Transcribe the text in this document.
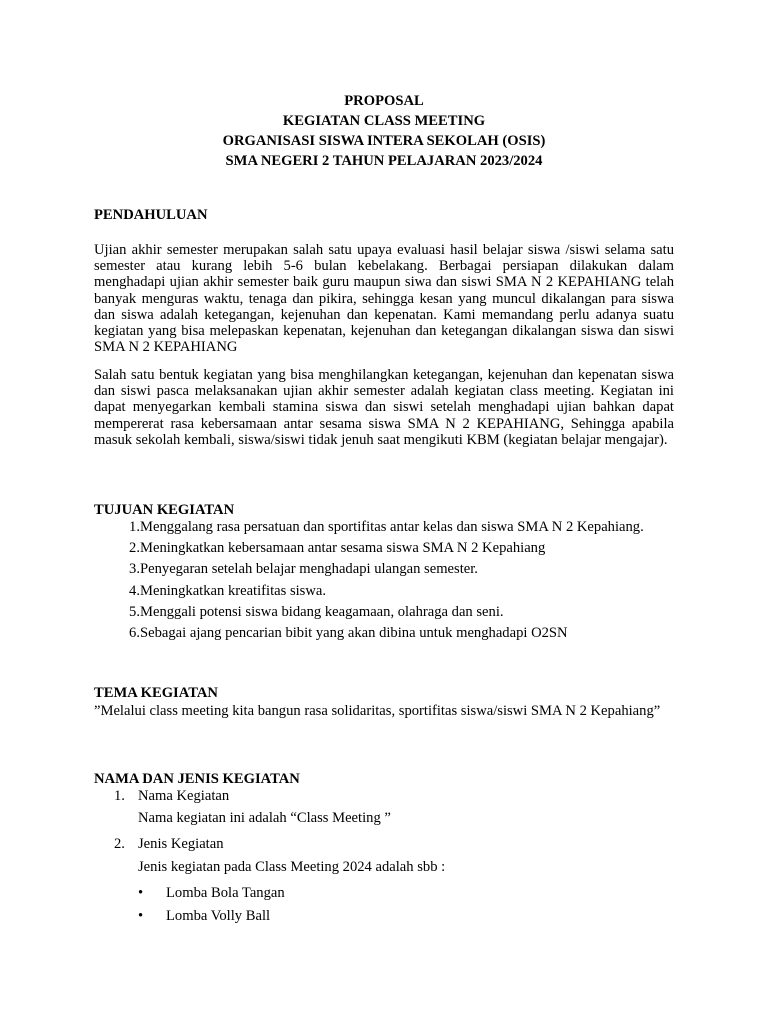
PROPOSAL
KEGIATAN CLASS MEETING
ORGANISASI SISWA INTERA SEKOLAH (OSIS)
SMA NEGERI 2 TAHUN PELAJARAN 2023/2024
PENDAHULUAN

Ujian akhir semester merupakan salah satu upaya evaluasi hasil belajar siswa /siswi selama satu semester atau kurang lebih 5-6 bulan kebelakang. Berbagai persiapan dilakukan dalam menghadapi ujian akhir semester baik guru maupun siwa dan siswi SMA N 2 KEPAHIANG telah banyak menguras waktu, tenaga dan pikira, sehingga kesan yang muncul dikalangan para siswa dan siswa adalah ketegangan, kejenuhan dan kepenatan. Kami memandang perlu adanya suatu kegiatan yang bisa melepaskan kepenatan, kejenuhan dan ketegangan dikalangan siswa dan siswi SMA N 2 KEPAHIANG

Salah satu bentuk kegiatan yang bisa menghilangkan ketegangan, kejenuhan dan kepenatan siswa dan siswi pasca melaksanakan ujian akhir semester adalah kegiatan class meeting. Kegiatan ini dapat menyegarkan kembali stamina siswa dan siswi setelah menghadapi ujian bahkan dapat mempererat rasa kebersamaan antar sesama siswa SMA N 2 KEPAHIANG, Sehingga apabila masuk sekolah kembali, siswa/siswi tidak jenuh saat mengikuti KBM (kegiatan belajar mengajar).

TUJUAN KEGIATAN
1. Menggalang rasa persatuan dan sportifitas antar kelas dan siswa SMA N 2 Kepahiang.
2. Meningkatkan kebersamaan antar sesama siswa SMA N 2 Kepahiang
3. Penyegaran setelah belajar menghadapi ulangan semester.
4. Meningkatkan kreatifitas siswa.
5. Menggali potensi siswa bidang keagamaan, olahraga dan seni.
6. Sebagai ajang pencarian bibit yang akan dibina untuk menghadapi O2SN
TEMA KEGIATAN

”Melalui class meeting kita bangun rasa solidaritas, sportifitas siswa/siswi SMA N 2 Kepahiang”

NAMA DAN JENIS KEGIATAN
1. Nama Kegiatan
Nama kegiatan ini adalah “Class Meeting ”
2. Jenis Kegiatan
Jenis kegiatan pada Class Meeting 2024 adalah sbb :
• Lomba Bola Tangan
• Lomba Volly Ball
